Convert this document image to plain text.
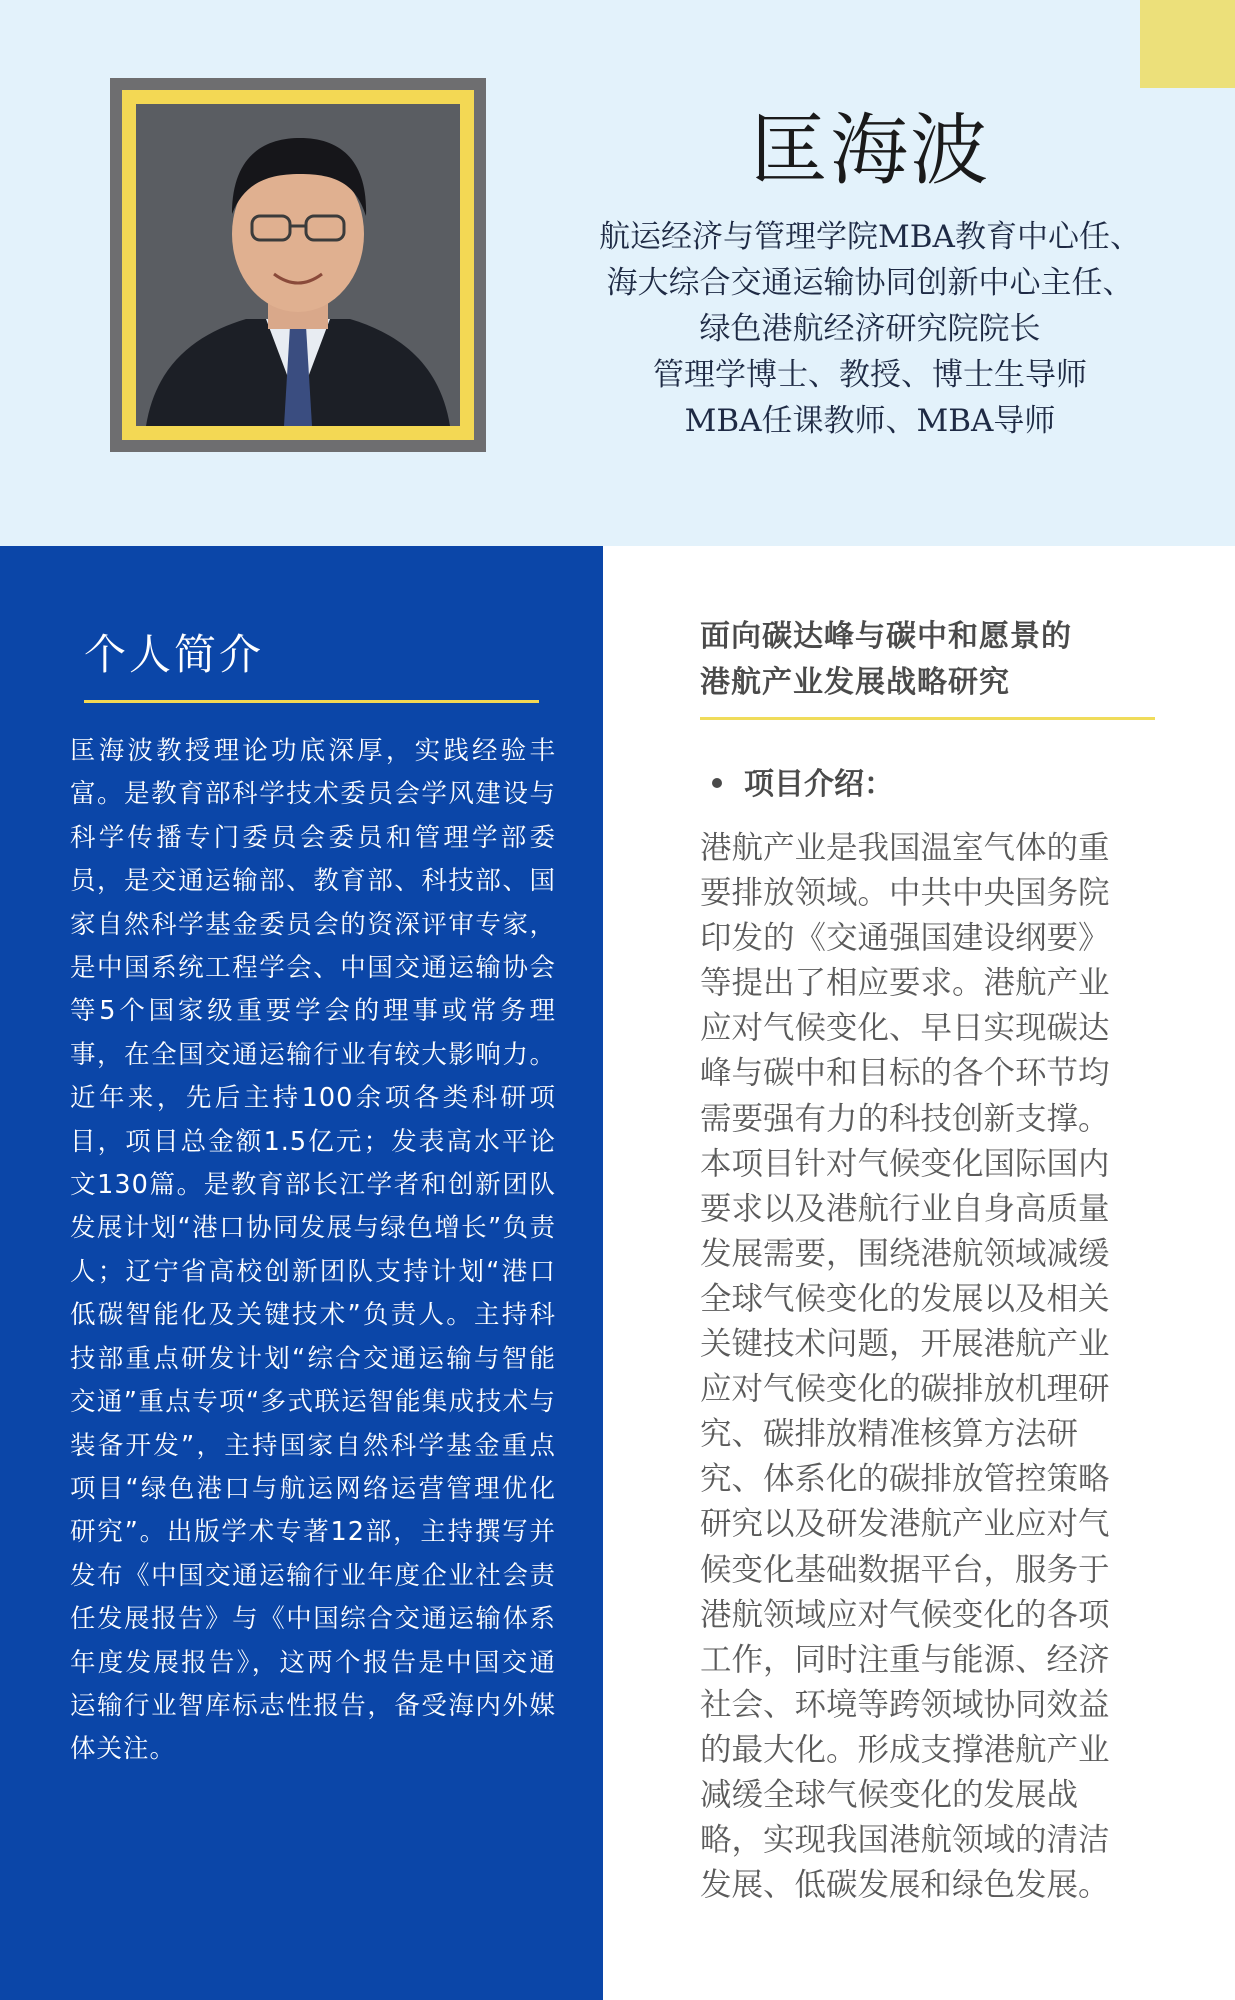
匡海波
航运经济与管理学院MBA教育中心任、
海大综合交通运输协同创新中心主任、
绿色港航经济研究院院长
管理学博士、教授、博士生导师
MBA任课教师、MBA导师
个人简介
匡海波教授理论功底深厚，实践经验丰富。是教育部科学技术委员会学风建设与科学传播专门委员会委员和管理学部委员，是交通运输部、教育部、科技部、国家自然科学基金委员会的资深评审专家，是中国系统工程学会、中国交通运输协会等5个国家级重要学会的理事或常务理事，在全国交通运输行业有较大影响力。近年来，先后主持100余项各类科研项目，项目总金额1.5亿元；发表高水平论文130篇。是教育部长江学者和创新团队发展计划“港口协同发展与绿色增长”负责人；辽宁省高校创新团队支持计划“港口低碳智能化及关键技术”负责人。主持科技部重点研发计划“综合交通运输与智能交通”重点专项“多式联运智能集成技术与装备开发”，主持国家自然科学基金重点项目“绿色港口与航运网络运营管理优化研究”。出版学术专著12部，主持撰写并发布《中国交通运输行业年度企业社会责任发展报告》与《中国综合交通运输体系年度发展报告》，这两个报告是中国交通运输行业智库标志性报告，备受海内外媒体关注。
面向碳达峰与碳中和愿景的
港航产业发展战略研究
项目介绍：
港航产业是我国温室气体的重
要排放领域。中共中央国务院
印发的《交通强国建设纲要》
等提出了相应要求。港航产业
应对气候变化、早日实现碳达
峰与碳中和目标的各个环节均
需要强有力的科技创新支撑。
本项目针对气候变化国际国内
要求以及港航行业自身高质量
发展需要，围绕港航领域减缓
全球气候变化的发展以及相关
关键技术问题，开展港航产业
应对气候变化的碳排放机理研
究、碳排放精准核算方法研
究、体系化的碳排放管控策略
研究以及研发港航产业应对气
候变化基础数据平台，服务于
港航领域应对气候变化的各项
工作，同时注重与能源、经济
社会、环境等跨领域协同效益
的最大化。形成支撑港航产业
减缓全球气候变化的发展战
略，实现我国港航领域的清洁
发展、低碳发展和绿色发展。
